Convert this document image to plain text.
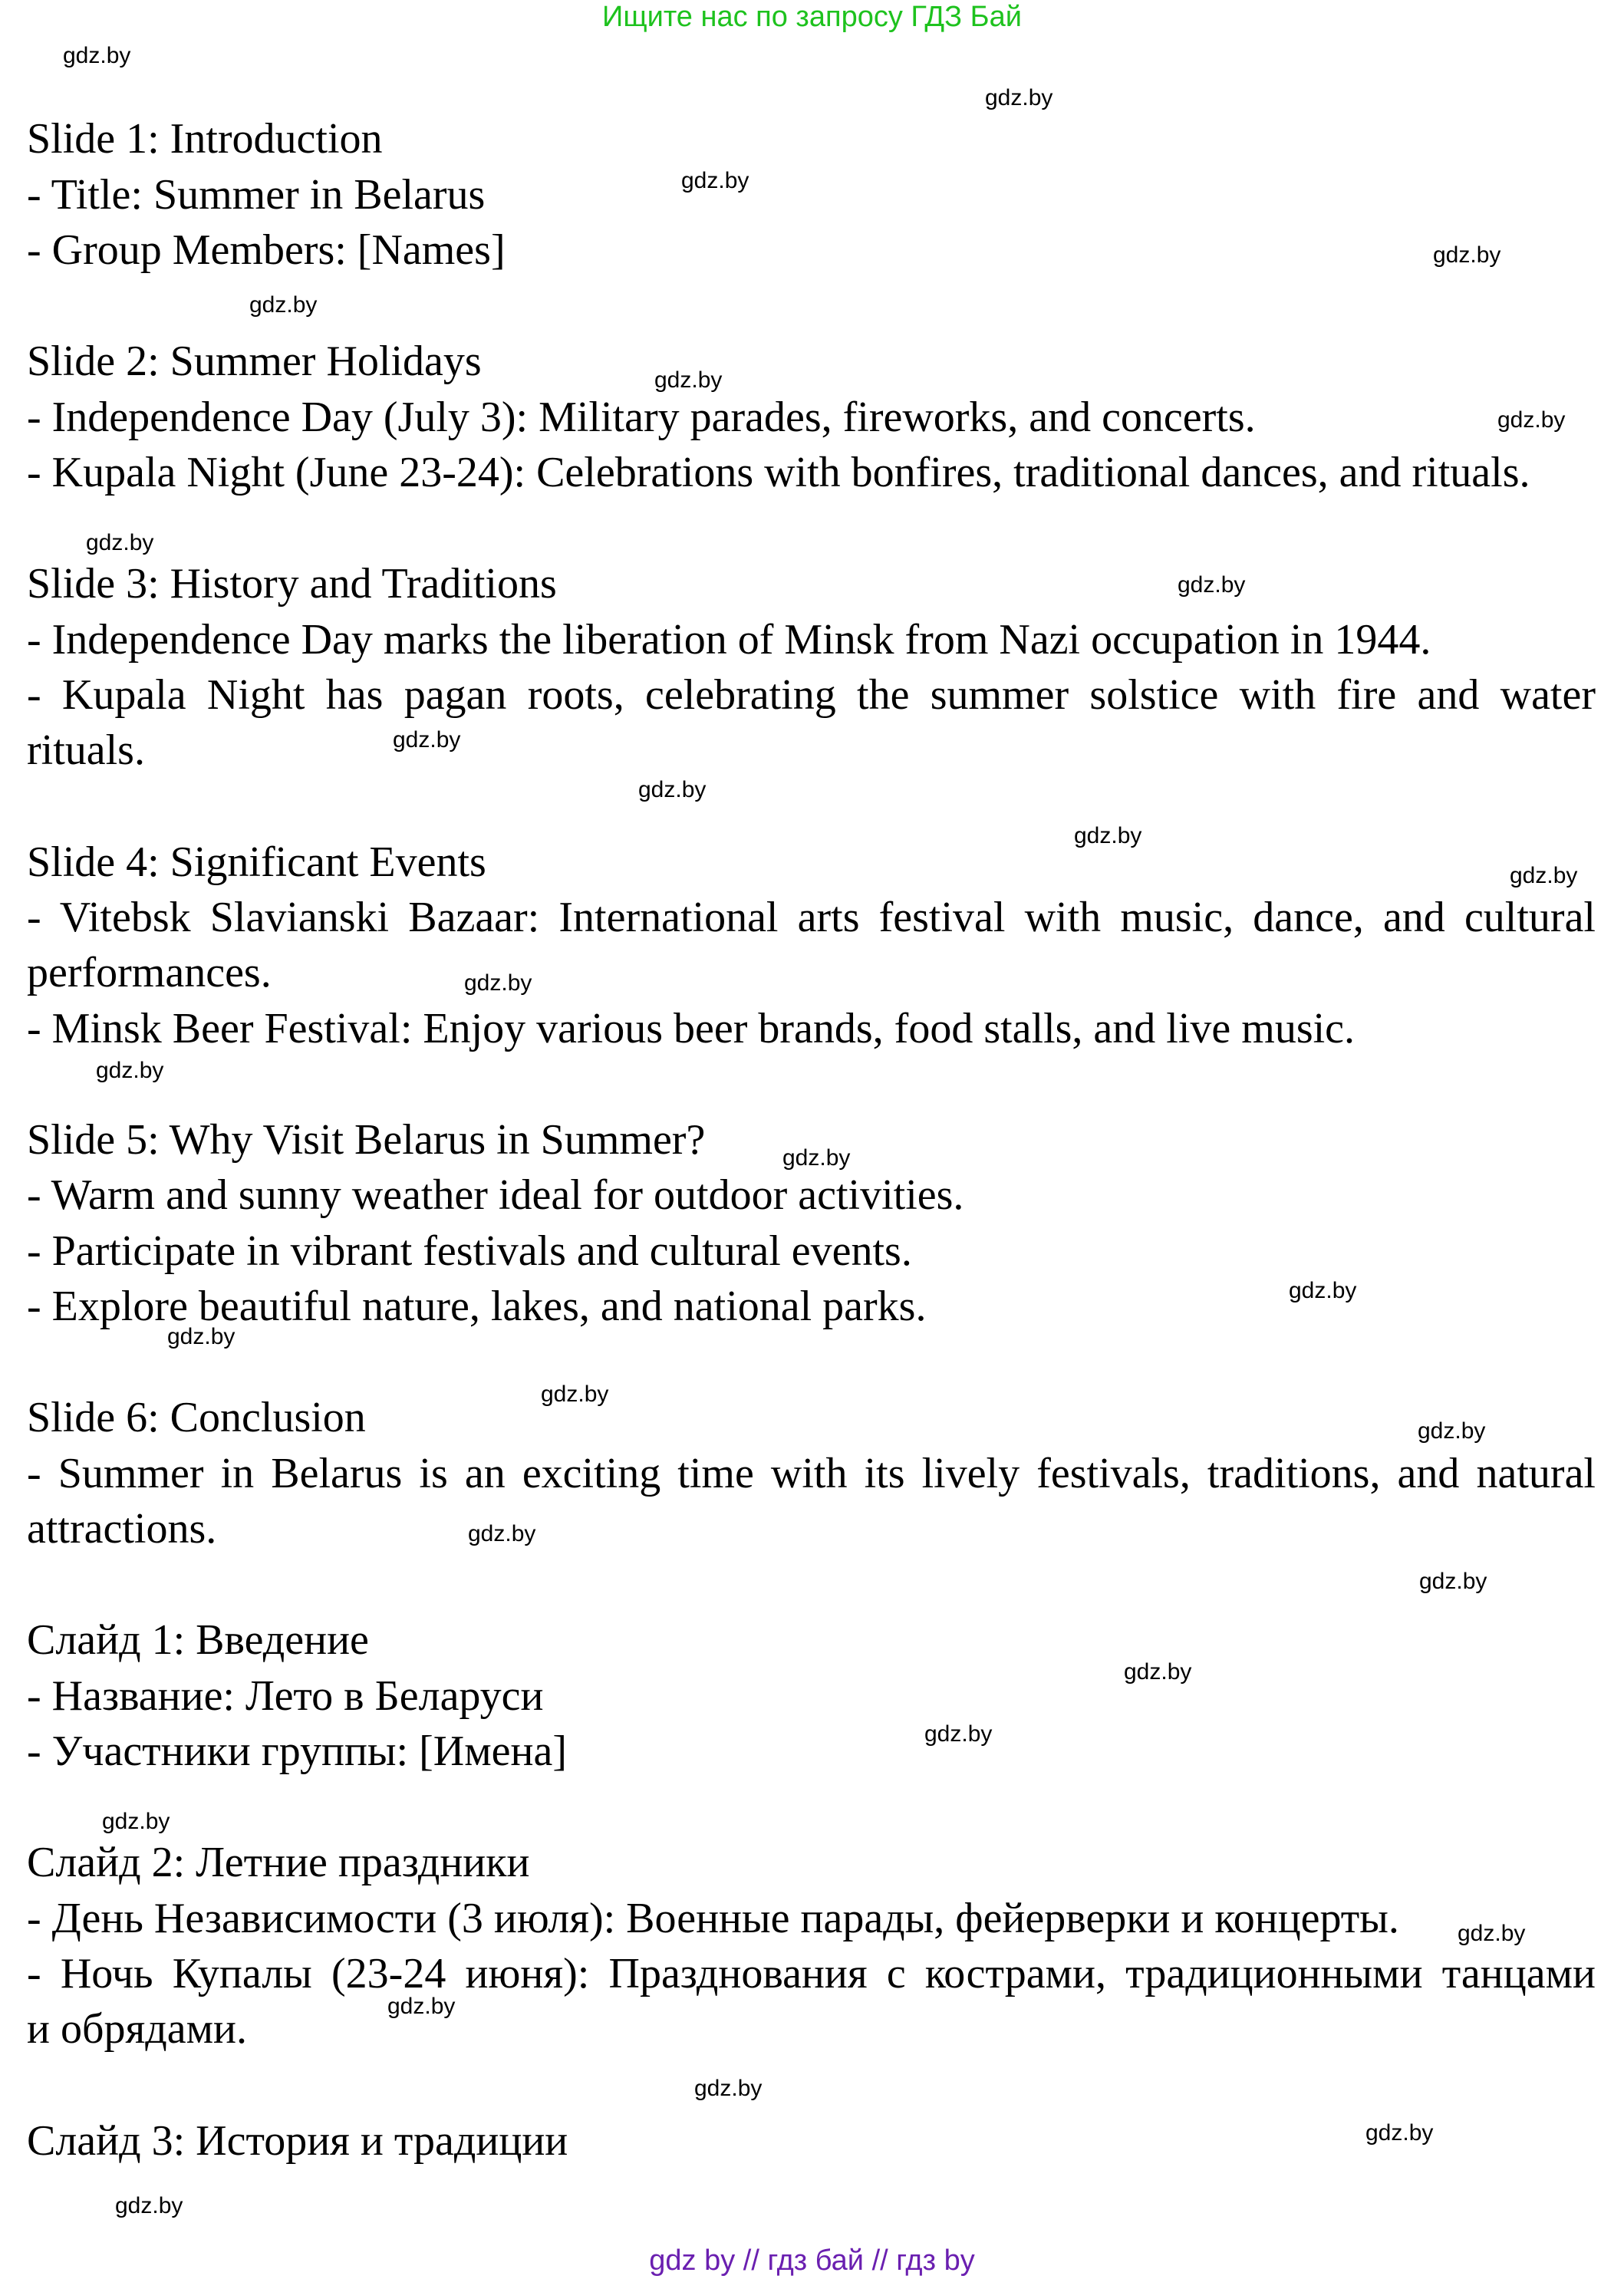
Ищите нас по запросу ГДЗ Бай
Slide 1: Introduction
- Title: Summer in Belarus
- Group Members: [Names]
Slide 2: Summer Holidays
- Independence Day (July 3): Military parades, fireworks, and concerts.
- Kupala Night (June 23-24): Celebrations with bonfires, traditional dances, and rituals.
Slide 3: History and Traditions
- Independence Day marks the liberation of Minsk from Nazi occupation in 1944.
- Kupala Night has pagan roots, celebrating the summer solstice with fire and water
rituals.
Slide 4: Significant Events
- Vitebsk Slavianski Bazaar: International arts festival with music, dance, and cultural
performances.
- Minsk Beer Festival: Enjoy various beer brands, food stalls, and live music.
Slide 5: Why Visit Belarus in Summer?
- Warm and sunny weather ideal for outdoor activities.
- Participate in vibrant festivals and cultural events.
- Explore beautiful nature, lakes, and national parks.
Slide 6: Conclusion
- Summer in Belarus is an exciting time with its lively festivals, traditions, and natural
attractions.
Слайд 1: Введение
- Название: Лето в Беларуси
- Участники группы: [Имена]
Слайд 2: Летние праздники
- День Независимости (3 июля): Военные парады, фейерверки и концерты.
- Ночь Купалы (23-24 июня): Празднования с кострами, традиционными танцами
и обрядами.
Слайд 3: История и традиции
gdz.by
gdz.by
gdz.by
gdz.by
gdz.by
gdz.by
gdz.by
gdz.by
gdz.by
gdz.by
gdz.by
gdz.by
gdz.by
gdz.by
gdz.by
gdz.by
gdz.by
gdz.by
gdz.by
gdz.by
gdz.by
gdz.by
gdz.by
gdz.by
gdz.by
gdz.by
gdz.by
gdz.by
gdz.by
gdz.by
gdz by // гдз бай // гдз by
